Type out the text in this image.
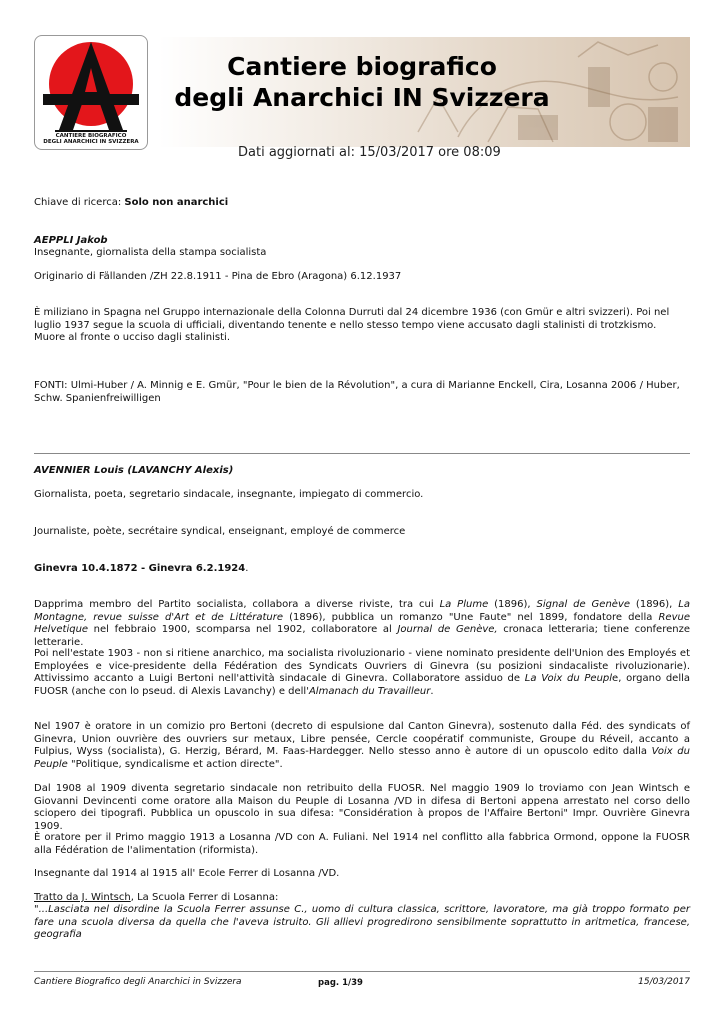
CANTIERE BIOGRAFICO
DEGLI ANARCHICI IN SVIZZERA
Cantiere biografico
degli Anarchici IN Svizzera
Dati aggiornati al: 15/03/2017 ore 08:09

Chiave di ricerca: Solo non anarchici

AEPPLI Jakob

Insegnante, giornalista della stampa socialista

Originario di Fällanden /ZH 22.8.1911 - Pina de Ebro (Aragona) 6.12.1937

È miliziano in Spagna nel Gruppo internazionale della Colonna Durruti dal 24 dicembre 1936 (con Gmür e altri svizzeri). Poi nel luglio 1937 segue la scuola di ufficiali, diventando tenente e nello stesso tempo viene accusato dagli stalinisti di trotzkismo.
Muore al fronte o ucciso dagli stalinisti.

FONTI: Ulmi-Huber / A. Minnig e E. Gmür, "Pour le bien de la Révolution", a cura di Marianne Enckell, Cira, Losanna 2006 / Huber, Schw. Spanienfreiwilligen

AVENNIER Louis (LAVANCHY Alexis)

Giornalista, poeta, segretario sindacale, insegnante, impiegato di commercio.

Journaliste, poète, secrétaire syndical, enseignant, employé de commerce

Ginevra 10.4.1872 - Ginevra 6.2.1924.

Dapprima membro del Partito socialista, collabora a diverse riviste, tra cui La Plume (1896), Signal de Genève (1896), La Montagne, revue suisse d'Art et de Littérature (1896), pubblica un romanzo "Une Faute" nel 1899, fondatore della Revue Helvetique nel febbraio 1900, scomparsa nel 1902, collaboratore al Journal de Genève, cronaca letteraria; tiene conferenze letterarie.

Poi nell'estate 1903 - non si ritiene anarchico, ma socialista rivoluzionario - viene nominato presidente dell'Union des Employés et Employées e vice-presidente della Fédération des Syndicats Ouvriers di Ginevra (su posizioni sindacaliste rivoluzionarie). Attivissimo accanto a Luigi Bertoni nell'attività sindacale di Ginevra. Collaboratore assiduo de La Voix du Peuple, organo della FUOSR (anche con lo pseud. di Alexis Lavanchy) e dell'Almanach du Travailleur.

Nel 1907 è oratore in un comizio pro Bertoni (decreto di espulsione dal Canton Ginevra), sostenuto dalla Féd. des syndicats of Ginevra, Union ouvrière des ouvriers sur metaux, Libre pensée, Cercle coopératif communiste, Groupe du Réveil, accanto a Fulpius, Wyss (socialista), G. Herzig, Bérard, M. Faas-Hardegger. Nello stesso anno è autore di un opuscolo edito dalla Voix du Peuple "Politique, syndicalisme et action directe".

Dal 1908 al 1909 diventa segretario sindacale non retribuito della FUOSR. Nel maggio 1909 lo troviamo con Jean Wintsch e Giovanni Devincenti come oratore alla Maison du Peuple di Losanna /VD in difesa di Bertoni appena arrestato nel corso dello sciopero dei tipografi. Pubblica un opuscolo in sua difesa: "Considération à propos de l'Affaire Bertoni" Impr. Ouvrière Ginevra 1909.

È oratore per il Primo maggio 1913 a Losanna /VD con A. Fuliani. Nel 1914 nel conflitto alla fabbrica Ormond, oppone la FUOSR alla Fédération de l'alimentation (riformista).

Insegnante dal 1914 al 1915 all' Ecole Ferrer di Losanna /VD.

Tratto da J. Wintsch, La Scuola Ferrer di Losanna:

"...Lasciata nel disordine la Scuola Ferrer assunse C., uomo di cultura classica, scrittore, lavoratore, ma già troppo formato per fare una scuola diversa da quella che l'aveva istruito. Gli allievi progredirono sensibilmente soprattutto in aritmetica, francese, geografia

Cantiere Biografico degli Anarchici in Svizzera	pag. 1/39	15/03/2017
